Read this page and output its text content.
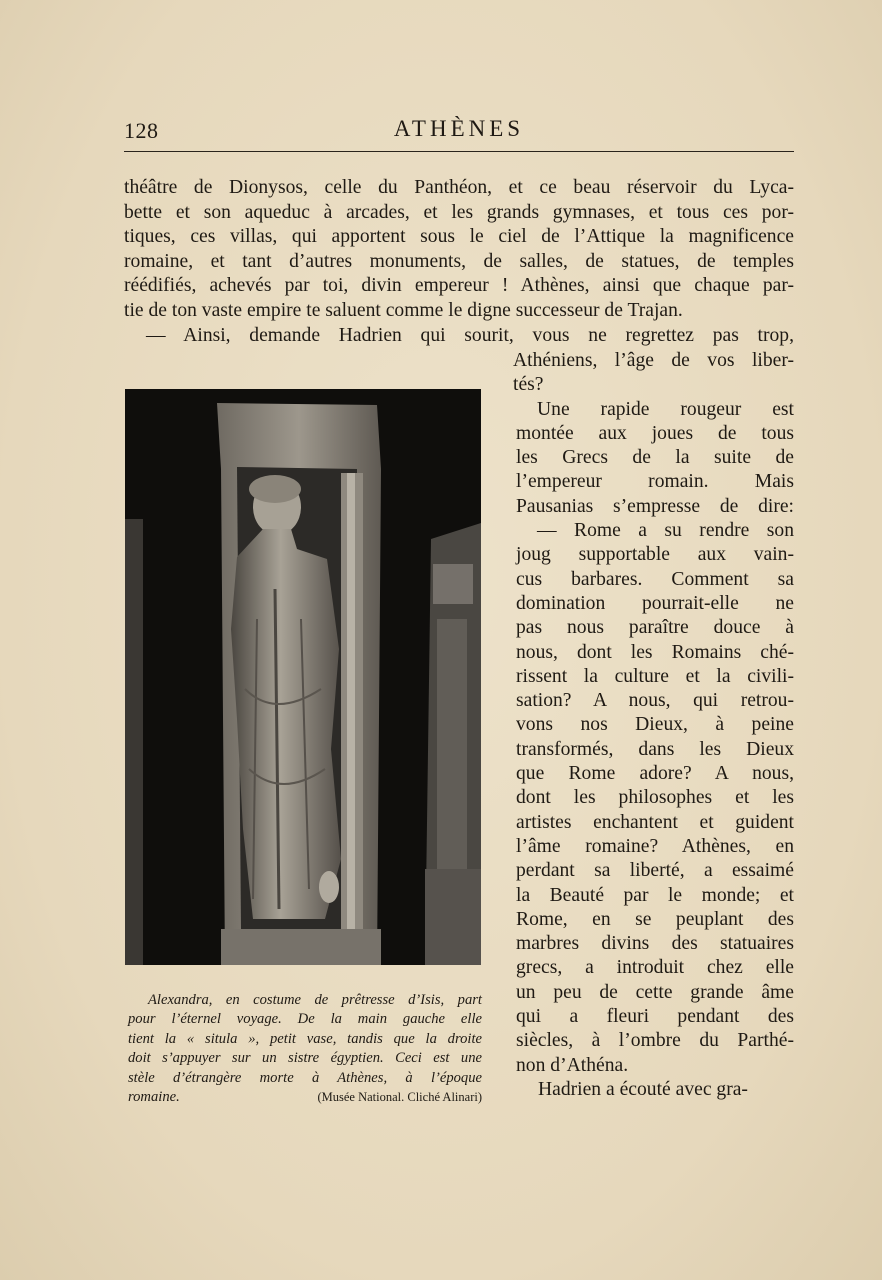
128	ATHÈNES
théâtre de Dionysos, celle du Panthéon, et ce beau réservoir du Lyca-
bette et son aqueduc à arcades, et les grands gymnases, et tous ces por-
tiques, ces villas, qui apportent sous le ciel de l’Attique la magnificence
romaine, et tant d’autres monuments, de salles, de statues, de temples
réédifiés, achevés par toi, divin empereur ! Athènes, ainsi que chaque par-
tie de ton vaste empire te saluent comme le digne successeur de Trajan.
— Ainsi, demande Hadrien qui sourit, vous ne regrettez pas trop,
Athéniens, l’âge de vos liber-
tés?
Une rapide rougeur est
montée aux joues de tous
les Grecs de la suite de
l’empereur romain. Mais
Pausanias s’empresse de dire:
— Rome a su rendre son
joug supportable aux vain-
cus barbares. Comment sa
domination pourrait-elle ne
pas nous paraître douce à
nous, dont les Romains ché-
rissent la culture et la civili-
sation? A nous, qui retrou-
vons nos Dieux, à peine
transformés, dans les Dieux
que Rome adore? A nous,
dont les philosophes et les
artistes enchantent et guident
l’âme romaine? Athènes, en
perdant sa liberté, a essaimé
la Beauté par le monde; et
Rome, en se peuplant des
marbres divins des statuaires
grecs, a introduit chez elle
un peu de cette grande âme
qui a fleuri pendant des
siècles, à l’ombre du Parthé-
non d’Athéna.
Hadrien a écouté avec gra-
Alexandra, en costume de prêtresse d’Isis, part
pour l’éternel voyage. De la main gauche elle
tient la « situla », petit vase, tandis que la droite
doit s’appuyer sur un sistre égyptien. Ceci est une
stèle d’étrangère morte à Athènes, à l’époque
romaine.	(Musée National. Cliché Alinari)
